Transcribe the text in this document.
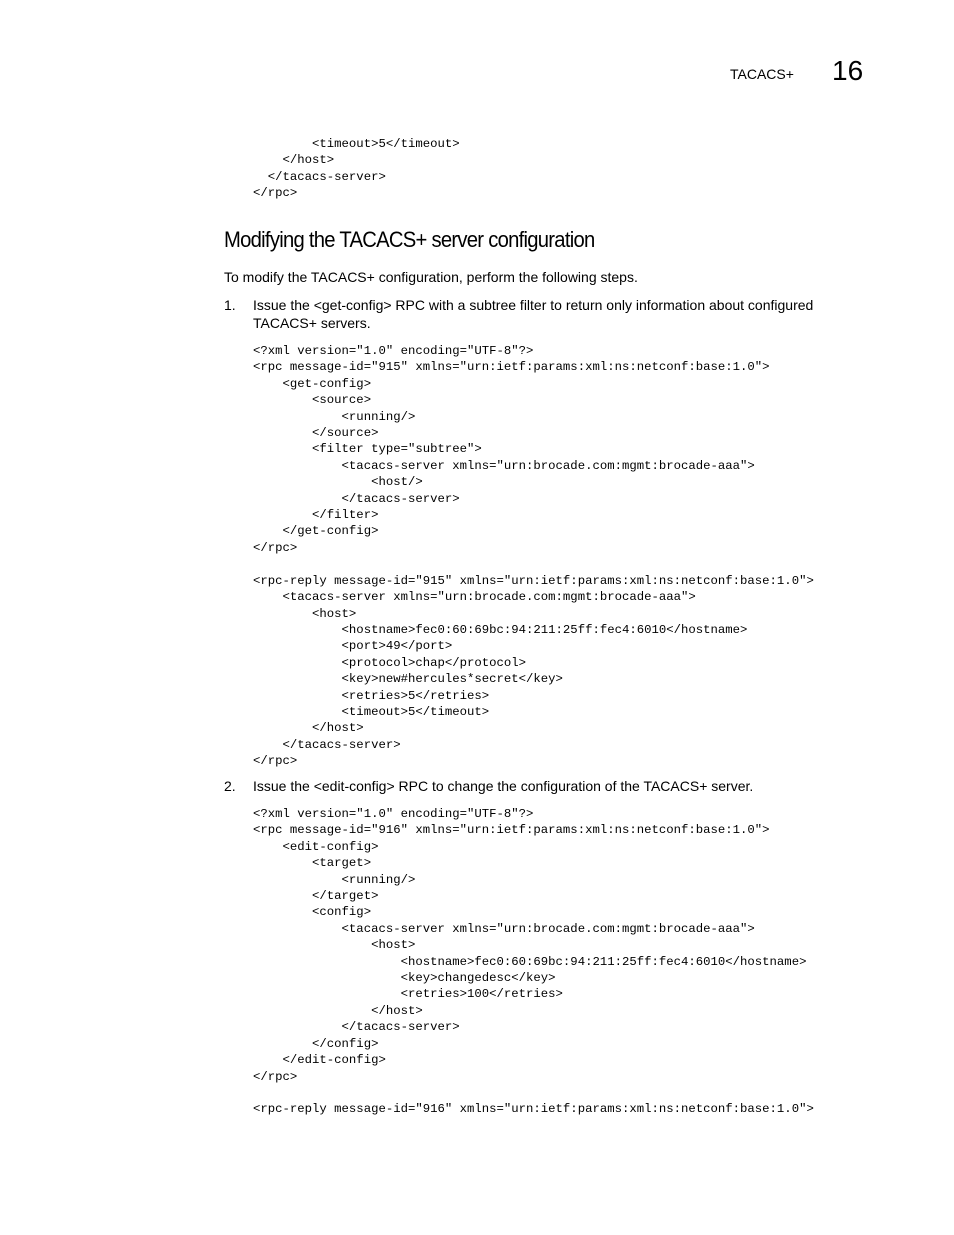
TACACS+ 16
<timeout>5</timeout>
</host>
</tacacs-server>
</rpc>
Modifying the TACACS+ server configuration

To modify the TACACS+ configuration, perform the following steps.

1. Issue the <get-config> RPC with a subtree filter to return only information about configured TACACS+ servers.
<?xml version="1.0" encoding="UTF-8"?>
<rpc message-id="915" xmlns="urn:ietf:params:xml:ns:netconf:base:1.0">
<get-config>
<source>
<running/>
</source>
<filter type="subtree">
<tacacs-server xmlns="urn:brocade.com:mgmt:brocade-aaa">
<host/>
</tacacs-server>
</filter>
</get-config>
</rpc>

<rpc-reply message-id="915" xmlns="urn:ietf:params:xml:ns:netconf:base:1.0">
<tacacs-server xmlns="urn:brocade.com:mgmt:brocade-aaa">
<host>
<hostname>fec0:60:69bc:94:211:25ff:fec4:6010</hostname>
<port>49</port>
<protocol>chap</protocol>
<key>new#hercules*secret</key>
<retries>5</retries>
<timeout>5</timeout>
</host>
</tacacs-server>
</rpc>
2. Issue the <edit-config> RPC to change the configuration of the TACACS+ server.
<?xml version="1.0" encoding="UTF-8"?>
<rpc message-id="916" xmlns="urn:ietf:params:xml:ns:netconf:base:1.0">
<edit-config>
<target>
<running/>
</target>
<config>
<tacacs-server xmlns="urn:brocade.com:mgmt:brocade-aaa">
<host>
<hostname>fec0:60:69bc:94:211:25ff:fec4:6010</hostname>
<key>changedesc</key>
<retries>100</retries>
</host>
</tacacs-server>
</config>
</edit-config>
</rpc>

<rpc-reply message-id="916" xmlns="urn:ietf:params:xml:ns:netconf:base:1.0">
